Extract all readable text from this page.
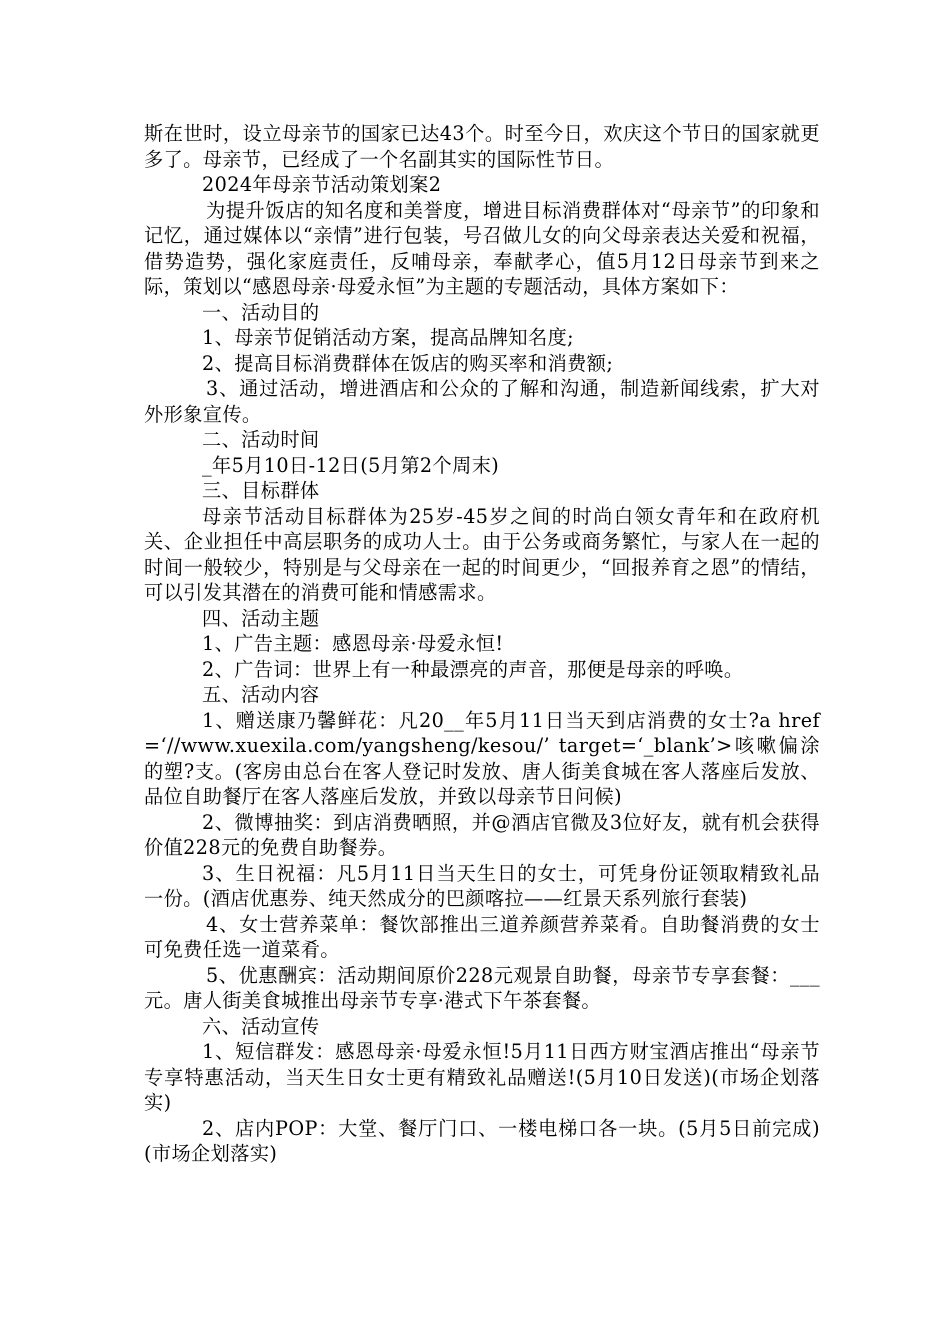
斯在世时，设立母亲节的国家已达43个。时至今日，欢庆这个节日的国家就更多了。母亲节，已经成了一个名副其实的国际性节日。

2024年母亲节活动策划案2

为提升饭店的知名度和美誉度，增进目标消费群体对“母亲节”的印象和记忆，通过媒体以“亲情”进行包装，号召做儿女的向父母亲表达关爱和祝福，借势造势，强化家庭责任，反哺母亲，奉献孝心，值5月12日母亲节到来之际，策划以“感恩母亲·母爱永恒”为主题的专题活动，具体方案如下：

一、活动目的

1、母亲节促销活动方案，提高品牌知名度;

2、提高目标消费群体在饭店的购买率和消费额;

3、通过活动，增进酒店和公众的了解和沟通，制造新闻线索，扩大对外形象宣传。

二、活动时间

_年5月10日-12日(5月第2个周末)

三、目标群体

母亲节活动目标群体为25岁-45岁之间的时尚白领女青年和在政府机关、企业担任中高层职务的成功人士。由于公务或商务繁忙，与家人在一起的时间一般较少，特别是与父母亲在一起的时间更少，“回报养育之恩”的情结，可以引发其潜在的消费可能和情感需求。

四、活动主题

1、广告主题：感恩母亲·母爱永恒!

2、广告词：世界上有一种最漂亮的声音，那便是母亲的呼唤。

五、活动内容

1、赠送康乃馨鲜花：凡20__年5月11日当天到店消费的女士?a href=‘//www.xuexila.com/yangsheng/kesou/’ target=‘_blank’>咳嗽偏涂的塑?支。(客房由总台在客人登记时发放、唐人街美食城在客人落座后发放、品位自助餐厅在客人落座后发放，并致以母亲节日问候)

2、微博抽奖：到店消费晒照，并@酒店官微及3位好友，就有机会获得价值228元的免费自助餐券。

3、生日祝福：凡5月11日当天生日的女士，可凭身份证领取精致礼品一份。(酒店优惠券、纯天然成分的巴颜喀拉——红景天系列旅行套装)

4、女士营养菜单：餐饮部推出三道养颜营养菜肴。自助餐消费的女士可免费任选一道菜肴。

5、优惠酬宾：活动期间原价228元观景自助餐，母亲节专享套餐：___元。唐人街美食城推出母亲节专享·港式下午茶套餐。

六、活动宣传

1、短信群发：感恩母亲·母爱永恒!5月11日西方财宝酒店推出“母亲节专享特惠活动，当天生日女士更有精致礼品赠送!(5月10日发送)(市场企划落实)

2、店内POP：大堂、餐厅门口、一楼电梯口各一块。(5月5日前完成)(市场企划落实)
